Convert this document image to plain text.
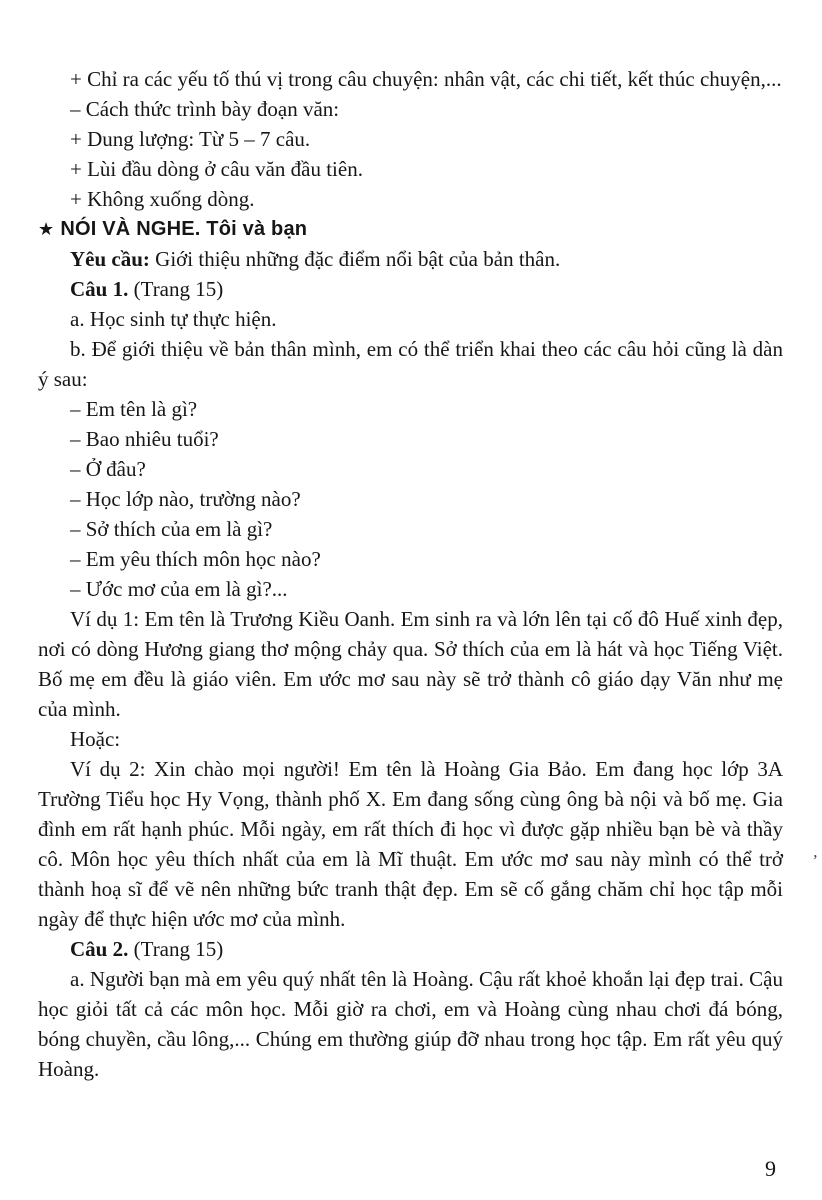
+ Chỉ ra các yếu tố thú vị trong câu chuyện: nhân vật, các chi tiết, kết thúc chuyện,...

– Cách thức trình bày đoạn văn:

+ Dung lượng: Từ 5 – 7 câu.

+ Lùi đầu dòng ở câu văn đầu tiên.

+ Không xuống dòng.

★ NÓI VÀ NGHE. Tôi và bạn

Yêu cầu: Giới thiệu những đặc điểm nổi bật của bản thân.

Câu 1. (Trang 15)

a. Học sinh tự thực hiện.

b. Để giới thiệu về bản thân mình, em có thể triển khai theo các câu hỏi cũng là dàn ý sau:

– Em tên là gì?

– Bao nhiêu tuổi?

– Ở đâu?

– Học lớp nào, trường nào?

– Sở thích của em là gì?

– Em yêu thích môn học nào?

– Ước mơ của em là gì?...

Ví dụ 1: Em tên là Trương Kiều Oanh. Em sinh ra và lớn lên tại cố đô Huế xinh đẹp, nơi có dòng Hương giang thơ mộng chảy qua. Sở thích của em là hát và học Tiếng Việt. Bố mẹ em đều là giáo viên. Em ước mơ sau này sẽ trở thành cô giáo dạy Văn như mẹ của mình.

Hoặc:

Ví dụ 2: Xin chào mọi người! Em tên là Hoàng Gia Bảo. Em đang học lớp 3A Trường Tiểu học Hy Vọng, thành phố X. Em đang sống cùng ông bà nội và bố mẹ. Gia đình em rất hạnh phúc. Mỗi ngày, em rất thích đi học vì được gặp nhiều bạn bè và thầy cô. Môn học yêu thích nhất của em là Mĩ thuật. Em ước mơ sau này mình có thể trở thành hoạ sĩ để vẽ nên những bức tranh thật đẹp. Em sẽ cố gắng chăm chỉ học tập mỗi ngày để thực hiện ước mơ của mình.

Câu 2. (Trang 15)

a. Người bạn mà em yêu quý nhất tên là Hoàng. Cậu rất khoẻ khoắn lại đẹp trai. Cậu học giỏi tất cả các môn học. Mỗi giờ ra chơi, em và Hoàng cùng nhau chơi đá bóng, bóng chuyền, cầu lông,... Chúng em thường giúp đỡ nhau trong học tập. Em rất yêu quý Hoàng.

’
9
